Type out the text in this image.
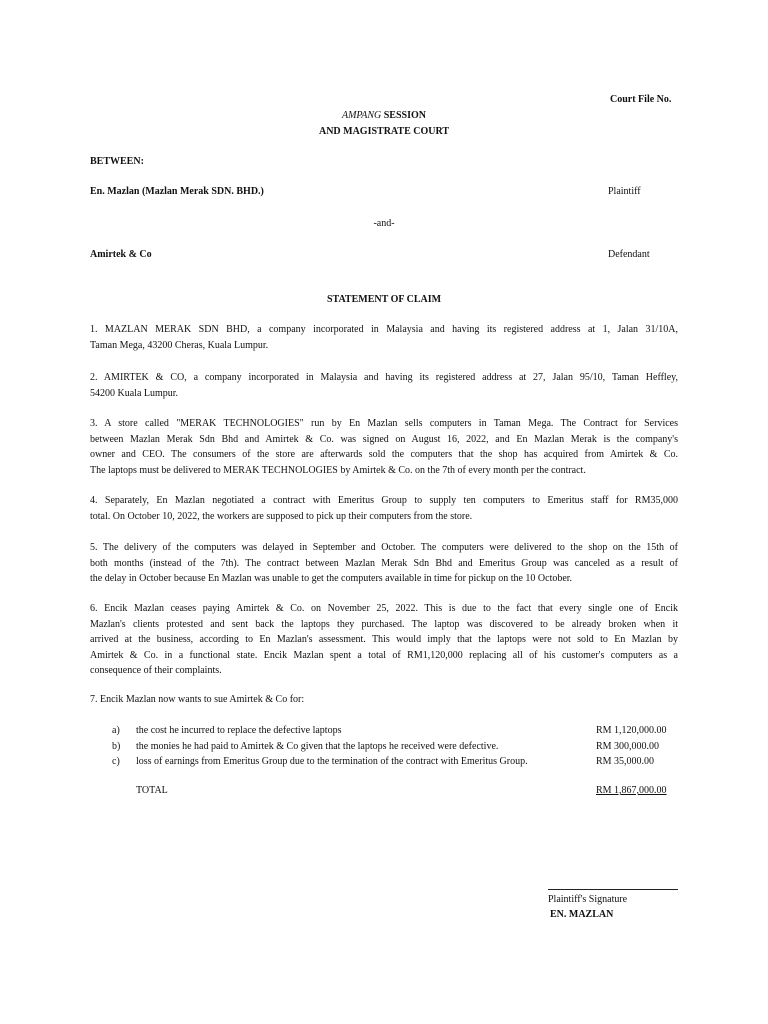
Court File No.
AMPANG SESSION
AND MAGISTRATE COURT
BETWEEN:
En. Mazlan (Mazlan Merak SDN. BHD.)	Plaintiff
-and-
Amirtek & Co	Defendant
STATEMENT OF CLAIM
1. MAZLAN MERAK SDN BHD, a company incorporated in Malaysia and having its registered address at 1, Jalan 31/10A,
Taman Mega, 43200 Cheras, Kuala Lumpur.
2. AMIRTEK & CO, a company incorporated in Malaysia and having its registered address at 27, Jalan 95/10, Taman Heffley,
54200 Kuala Lumpur.
3. A store called "MERAK TECHNOLOGIES" run by En Mazlan sells computers in Taman Mega. The Contract for Services
between Mazlan Merak Sdn Bhd and Amirtek & Co. was signed on August 16, 2022, and En Mazlan Merak is the company's
owner and CEO. The consumers of the store are afterwards sold the computers that the shop has acquired from Amirtek & Co.
The laptops must be delivered to MERAK TECHNOLOGIES by Amirtek & Co. on the 7th of every month per the contract.
4. Separately, En Mazlan negotiated a contract with Emeritus Group to supply ten computers to Emeritus staff for RM35,000
total. On October 10, 2022, the workers are supposed to pick up their computers from the store.
5. The delivery of the computers was delayed in September and October. The computers were delivered to the shop on the 15th of
both months (instead of the 7th). The contract between Mazlan Merak Sdn Bhd and Emeritus Group was canceled as a result of
the delay in October because En Mazlan was unable to get the computers available in time for pickup on the 10 October.
6. Encik Mazlan ceases paying Amirtek & Co. on November 25, 2022. This is due to the fact that every single one of Encik
Mazlan's clients protested and sent back the laptops they purchased. The laptop was discovered to be already broken when it
arrived at the business, according to En Mazlan's assessment. This would imply that the laptops were not sold to En Mazlan by
Amirtek & Co. in a functional state. Encik Mazlan spent a total of RM1,120,000 replacing all of his customer's computers as a
consequence of their complaints.
7. Encik Mazlan now wants to sue Amirtek & Co for:
a) the cost he incurred to replace the defective laptops	RM 1,120,000.00
b) the monies he had paid to Amirtek & Co given that the laptops he received were defective.	RM 300,000.00
c) loss of earnings from Emeritus Group due to the termination of the contract with Emeritus Group.	RM 35,000.00
TOTAL	RM 1,867,000.00
Plaintiff's Signature
EN. MAZLAN
